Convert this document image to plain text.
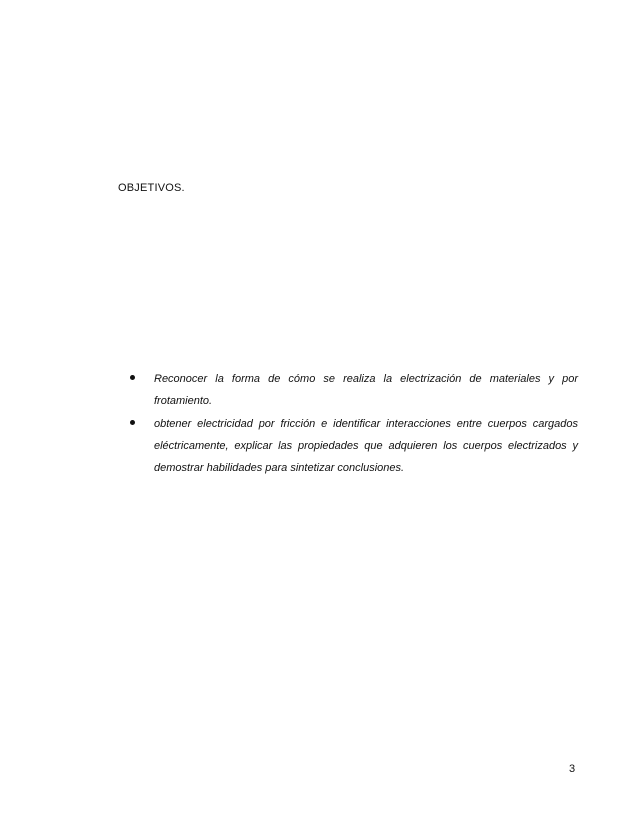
OBJETIVOS.
Reconocer la forma de cómo se realiza la electrización de materiales y por frotamiento.
obtener electricidad por fricción e identificar interacciones entre cuerpos cargados eléctricamente, explicar las propiedades que adquieren los cuerpos electrizados y demostrar habilidades para sintetizar conclusiones.
3
